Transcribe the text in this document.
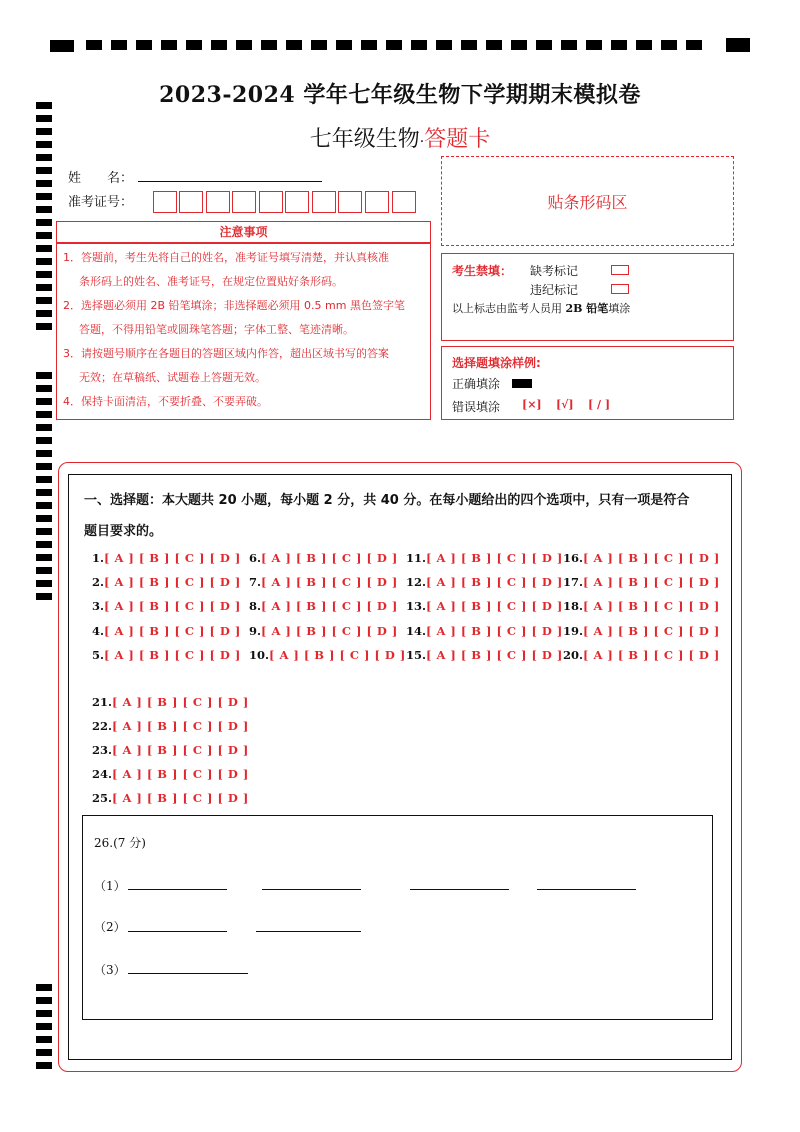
2023-2024 学年七年级生物下学期期末模拟卷
七年级生物·答题卡
姓　　名：
准考证号：	贴条形码区
注意事项
1．答题前，考生先将自己的姓名，准考证号填写清楚，并认真核准
条形码上的姓名、准考证号，在规定位置贴好条形码。
2．选择题必须用 2B 铅笔填涂；非选择题必须用 0.5 mm 黑色签字笔
答题，不得用铅笔或圆珠笔答题；字体工整、笔迹清晰。
3．请按题号顺序在各题目的答题区域内作答，超出区域书写的答案
无效；在草稿纸、试题卷上答题无效。
4．保持卡面清洁，不要折叠、不要弄破。
考生禁填： 缺考标记
违纪标记
以上标志由监考人员用 2B 铅笔填涂
选择题填涂样例:
正确填涂
错误填涂 [×] [√] [ / ]
一、选择题：本大题共 20 小题，每小题 2 分，共 40 分。在每小题给出的四个选项中，只有一项是符合
题目要求的。
1.[ A ] [ B ] [ C ] [ D ]
2.[ A ] [ B ] [ C ] [ D ]
3.[ A ] [ B ] [ C ] [ D ]
4.[ A ] [ B ] [ C ] [ D ]
5.[ A ] [ B ] [ C ] [ D ]
6.[ A ] [ B ] [ C ] [ D ]
7.[ A ] [ B ] [ C ] [ D ]
8.[ A ] [ B ] [ C ] [ D ]
9.[ A ] [ B ] [ C ] [ D ]
10.[ A ] [ B ] [ C ] [ D ]
11.[ A ] [ B ] [ C ] [ D ]
12.[ A ] [ B ] [ C ] [ D ]
13.[ A ] [ B ] [ C ] [ D ]
14.[ A ] [ B ] [ C ] [ D ]
15.[ A ] [ B ] [ C ] [ D ]
16.[ A ] [ B ] [ C ] [ D ]
17.[ A ] [ B ] [ C ] [ D ]
18.[ A ] [ B ] [ C ] [ D ]
19.[ A ] [ B ] [ C ] [ D ]
20.[ A ] [ B ] [ C ] [ D ]
21.[ A ] [ B ] [ C ] [ D ]
22.[ A ] [ B ] [ C ] [ D ]
23.[ A ] [ B ] [ C ] [ D ]
24.[ A ] [ B ] [ C ] [ D ]
25.[ A ] [ B ] [ C ] [ D ]
26.(7 分)
（1）
（2）
（3）
